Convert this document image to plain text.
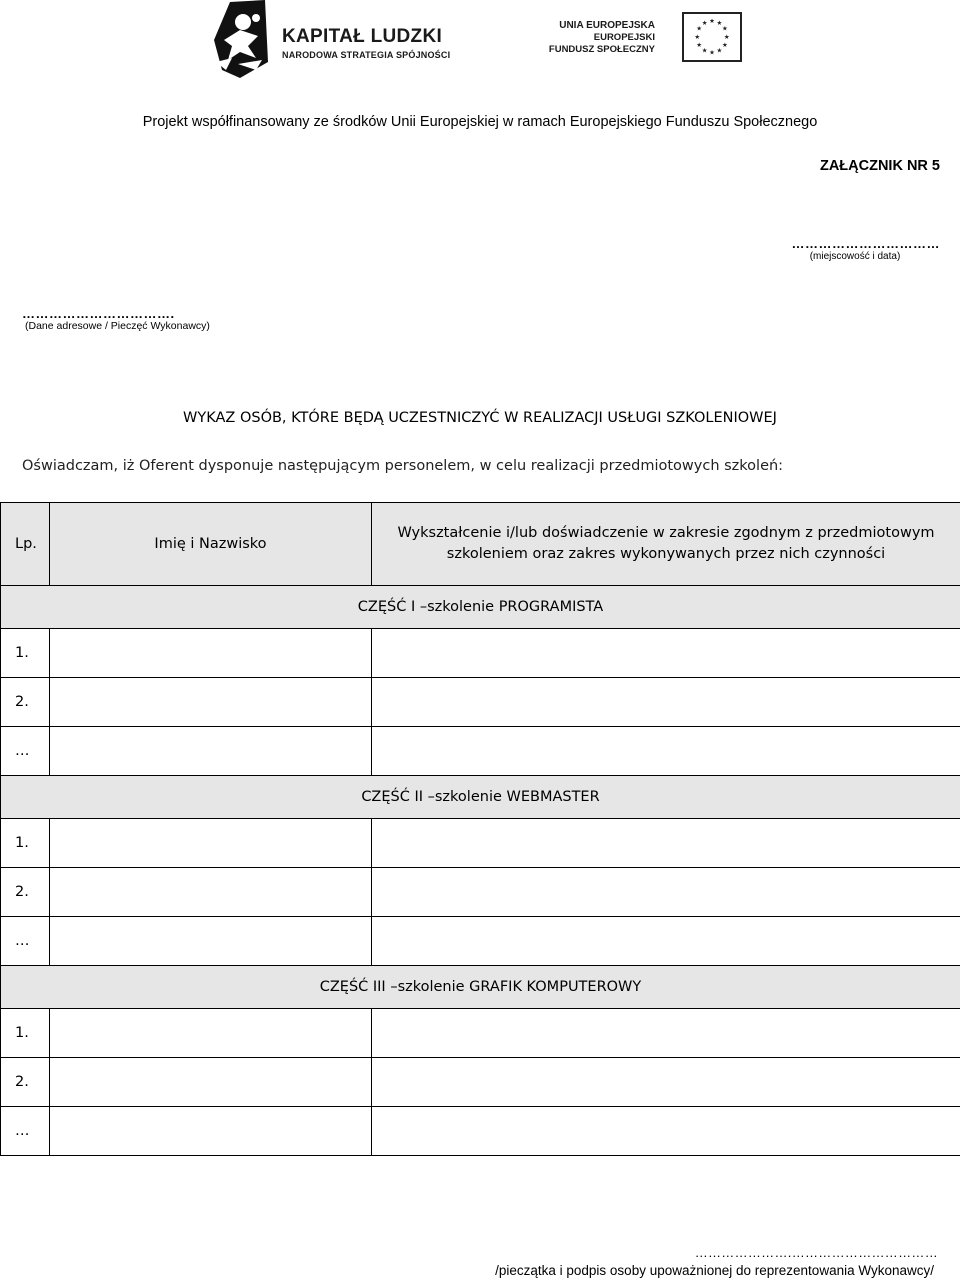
KAPITAŁ LUDZKI
NARODOWA STRATEGIA SPÓJNOŚCI
UNIA EUROPEJSKA
EUROPEJSKI
FUNDUSZ SPOŁECZNY
★ ★
★
★
★
★
★
★
★
★
★
★
Projekt współfinansowany ze środków Unii Europejskiej w ramach Europejskiego Funduszu Społecznego
ZAŁĄCZNIK NR 5
……………………………
(miejscowość i data)
…………………………….
(Dane adresowe / Pieczęć Wykonawcy)
WYKAZ OSÓB, KTÓRE BĘDĄ UCZESTNICZYĆ W REALIZACJI USŁUGI SZKOLENIOWEJ
Oświadczam, iż Oferent dysponuje następującym personelem, w celu realizacji przedmiotowych szkoleń:
Lp.	Imię i Nazwisko	Wykształcenie i/lub doświadczenie w zakresie zgodnym z przedmiotowym szkoleniem oraz zakres wykonywanych przez nich czynności
CZĘŚĆ I –szkolenie PROGRAMISTA		
1.		
2.		
…		
CZĘŚĆ II –szkolenie WEBMASTER		
1.		
2.		
…		
CZĘŚĆ III –szkolenie GRAFIK KOMPUTEROWY		
1.		
2.		
…		
………………….……………………………
/pieczątka i podpis osoby upoważnionej do reprezentowania Wykonawcy/
